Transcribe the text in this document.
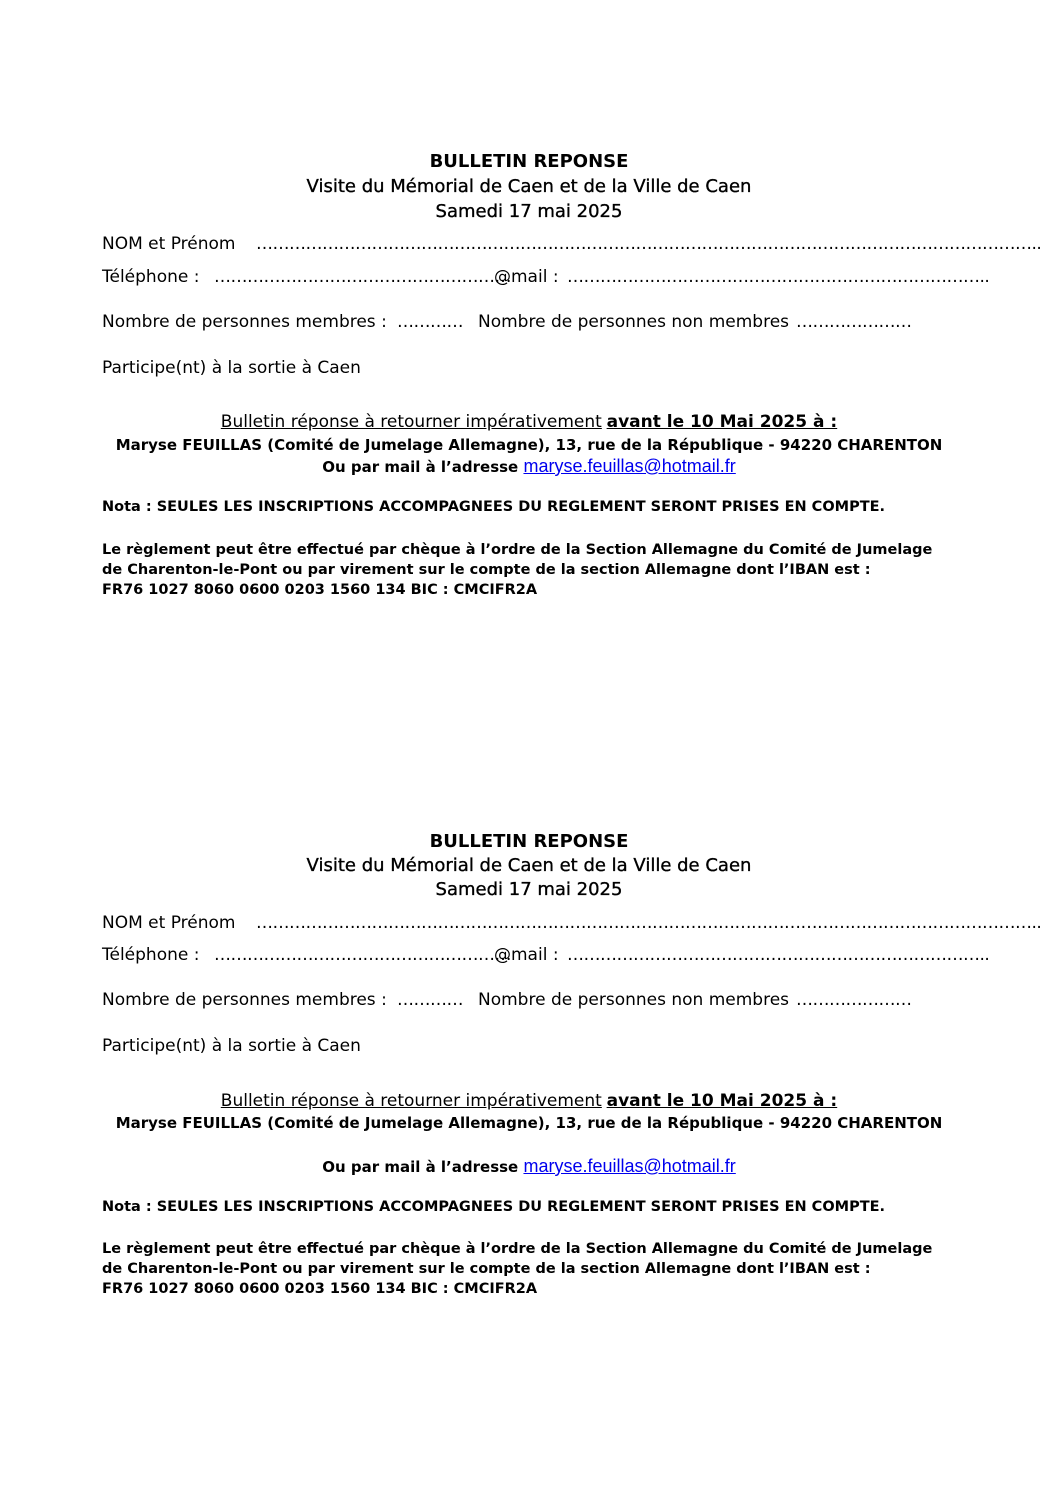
BULLETIN REPONSE

Visite du Mémorial de Caen et de la Ville de Caen

Samedi 17 mai 2025

NOM et Prénom ……………………………………………………………………………………………………………………………..

Téléphone : ………………………………………………

@mail : …………………………………………………………………..

Nombre de personnes membres : ………… Nombre de personnes non membres …………………

Participe(nt) à la sortie à Caen

Bulletin réponse à retourner impérativement avant le 10 Mai 2025 à :

Maryse FEUILLAS (Comité de Jumelage Allemagne), 13, rue de la République - 94220 CHARENTON

Ou par mail à l’adresse maryse.feuillas@hotmail.fr

Nota : SEULES LES INSCRIPTIONS ACCOMPAGNEES DU REGLEMENT SERONT PRISES EN COMPTE.

Le règlement peut être effectué par chèque à l’ordre de la Section Allemagne du Comité de Jumelage

de Charenton-le-Pont ou par virement sur le compte de la section Allemagne dont l’IBAN est :

FR76 1027 8060 0600 0203 1560 134 BIC : CMCIFR2A

BULLETIN REPONSE

Visite du Mémorial de Caen et de la Ville de Caen

Samedi 17 mai 2025

NOM et Prénom ……………………………………………………………………………………………………………………………..

Téléphone : ………………………………………………

@mail : …………………………………………………………………..

Nombre de personnes membres : ………… Nombre de personnes non membres …………………

Participe(nt) à la sortie à Caen

Bulletin réponse à retourner impérativement avant le 10 Mai 2025 à :

Maryse FEUILLAS (Comité de Jumelage Allemagne), 13, rue de la République - 94220 CHARENTON

Ou par mail à l’adresse maryse.feuillas@hotmail.fr

Nota : SEULES LES INSCRIPTIONS ACCOMPAGNEES DU REGLEMENT SERONT PRISES EN COMPTE.

Le règlement peut être effectué par chèque à l’ordre de la Section Allemagne du Comité de Jumelage

de Charenton-le-Pont ou par virement sur le compte de la section Allemagne dont l’IBAN est :

FR76 1027 8060 0600 0203 1560 134 BIC : CMCIFR2A
